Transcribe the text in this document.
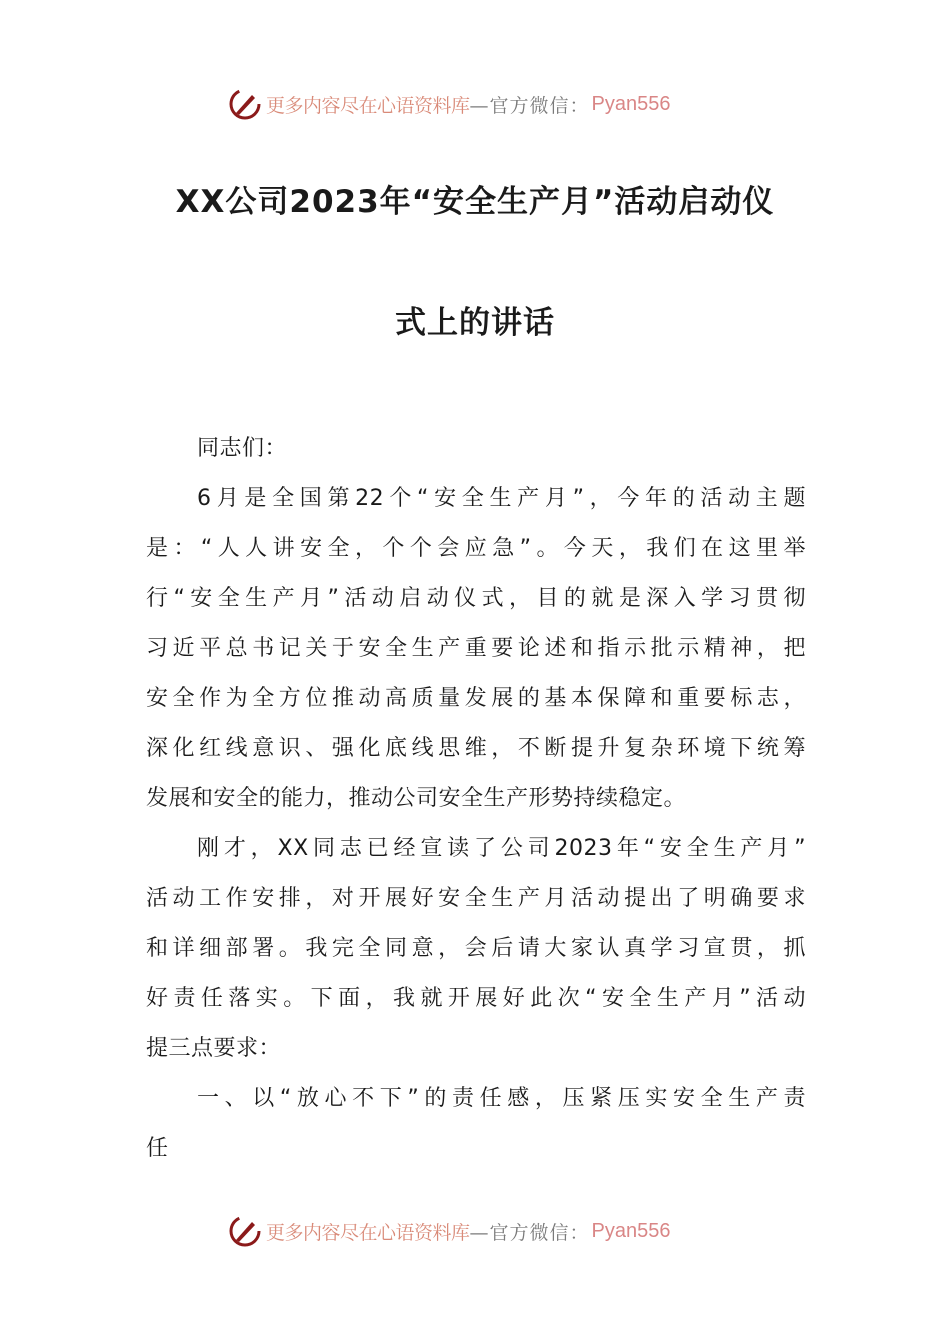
更多内容尽在心语资料库 —官方微信： Pyan556
XX公司2023年“安全生产月”活动启动仪
式上的讲话
同志们：
6月是全国第22个“安全生产月”，今年的活动主题
是：“人人讲安全，个个会应急”。今天，我们在这里举
行“安全生产月”活动启动仪式，目的就是深入学习贯彻
习近平总书记关于安全生产重要论述和指示批示精神，把
安全作为全方位推动高质量发展的基本保障和重要标志，
深化红线意识、强化底线思维，不断提升复杂环境下统筹
发展和安全的能力，推动公司安全生产形势持续稳定。
刚才，XX同志已经宣读了公司2023年“安全生产月”
活动工作安排，对开展好安全生产月活动提出了明确要求
和详细部署。我完全同意，会后请大家认真学习宣贯，抓
好责任落实。下面，我就开展好此次“安全生产月”活动
提三点要求：
一、以“放心不下”的责任感，压紧压实安全生产责
任
更多内容尽在心语资料库 —官方微信： Pyan556
